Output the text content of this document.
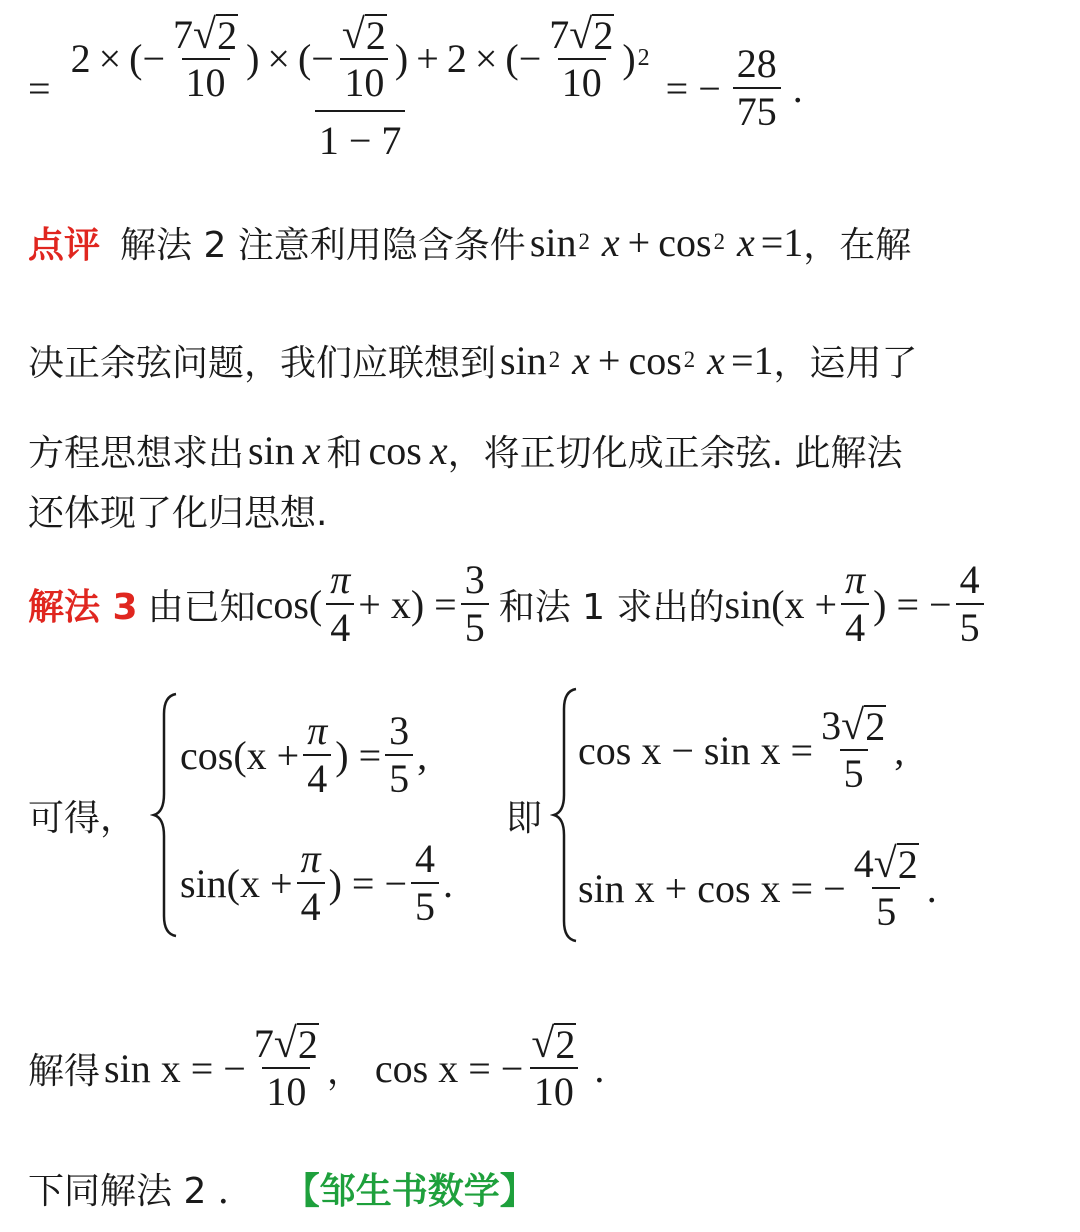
=
2 × (− $\frac{7 √ 2}{10}$ ) × (− $\frac{√ 2}{10}$ ) + 2 × (− $\frac{7 √ 2}{10}$ ) 2
1 − 7
= − $\frac{28}{75}$ .
点评 解法 2 注意利用隐含条件 sin 2 x + cos 2 x =1 ，在解
决正余弦问题，我们应联想到 sin 2 x + cos 2 x =1 ，运用了
方程思想求出 sin x 和 cos x ，将正切化成正余弦. 此解法
还体现了化归思想.
解法 3 由已知 $\cos( \frac{\pi}{4} + x) = \frac{3}{5}$ 和法 1 求出的 $\sin(x + \frac{\pi}{4}$ ) = − $\frac{4}{5}$
可得，
$\cos(x + \frac{\pi}{4}$ ) = $\frac{3}{5}$ ,
$\sin(x + \frac{\pi}{4}$ ) = − $\frac{4}{5}$ .
即
$\cos x - \sin x = \frac{3 √ 2}{5}$ ,
sin x + cos x = − $\frac{4 √ 2}{5}$ .
解得 sin x = − $\frac{7 √ 2}{10}$ ， cos x = − $\frac{√ 2}{10}$ .
下同解法 2 ． 【邹生书数学】
